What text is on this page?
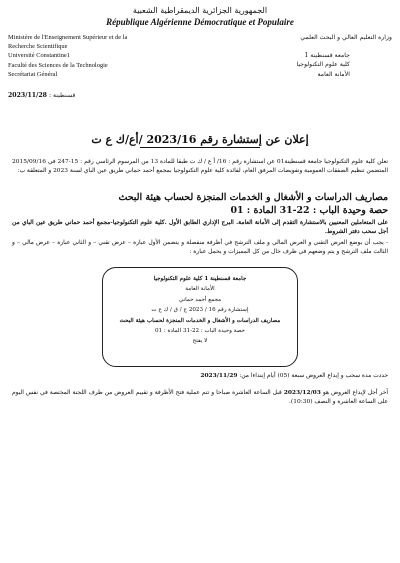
الجمهورية الجزائرية الديمقراطية الشعبية
République Algérienne Démocratique et Populaire
Ministère de l'Enseignement Supérieur et de la
Recherche Scientifique
Université Constantine1
Faculté des Sciences de la Technologie
Secrétariat Général
وزارة التعليم العالي و البحث العلمي
جامعة قسنطينة 1
كلية علوم التكنولوجيا
الأمانة العامة
قسنطينة : 2023/11/28
إعلان عن إستشارة رقم 2023/16 /أع/ك ع ت
تعلن كلية علوم التكنولوجيا جامعة قسنطينة01 عن استشارة رقم : 16/ أ ع / ك ت طبقا للمادة 13 من المرسوم الرئاسي رقم : 15-247 في 2015/09/16 المتضمن تنظيم الصفقات العمومية وتفويضات المرفق العام، لفائدة كلية علوم التكنولوجيا بمجمع أحمد حماني طريق عين الباي لسنة 2023 و المتعلقة ب:
مصاريف الدراسات و الأشغال و الخدمات المنجزة لحساب هيئة البحث
حصة وحيدة الباب : 22-31 المادة : 01
على المتعاملين المعنيين بالاستشارة التقدم إلى الأمانة العامة. البرج الإداري الطابق الأول .كلية علوم التكنولوجيا-مجمع أحمد حماني طريق عين الباي من أجل سحب دفتر الشروط.
- يجب أن يوضع العرض التقني و العرض المالي و ملف الترشح في أظرفة منفصلة و يتضمن الأول عبارة – عرض تقني – و الثاني عبارة – عرض مالي – و الثالث ملف الترشح و يتم وضعهم في ظرف خال من كل المميزات و يحمل عبارة :
جامعة قسنطينة 1 كلية علوم التكنولوجيا
الأمانة العامة
مجمع أحمد حماني
إستشارة رقم 16 / 2023 ج / ق / ك ع ت
مصاريف الدراسات و الأشغال و الخدمات المنجزة لحساب هيئة البحث
حصة وحيدة الباب : 22-31 المادة : 01
لا يفتح
حددت مدة سحب و إيداع العروض سبعة (05) أيام إبتداءا من: 2023/11/29
آخر أجل لإيداع العروض هو 2023/12/03 قبل الساعة العاشرة صباحا و تتم عملية فتح الأظرفة و تقييم العروض من طرف اللجنة المختصة في نفس اليوم على الساعة العاشرة و النصف (10:30).
